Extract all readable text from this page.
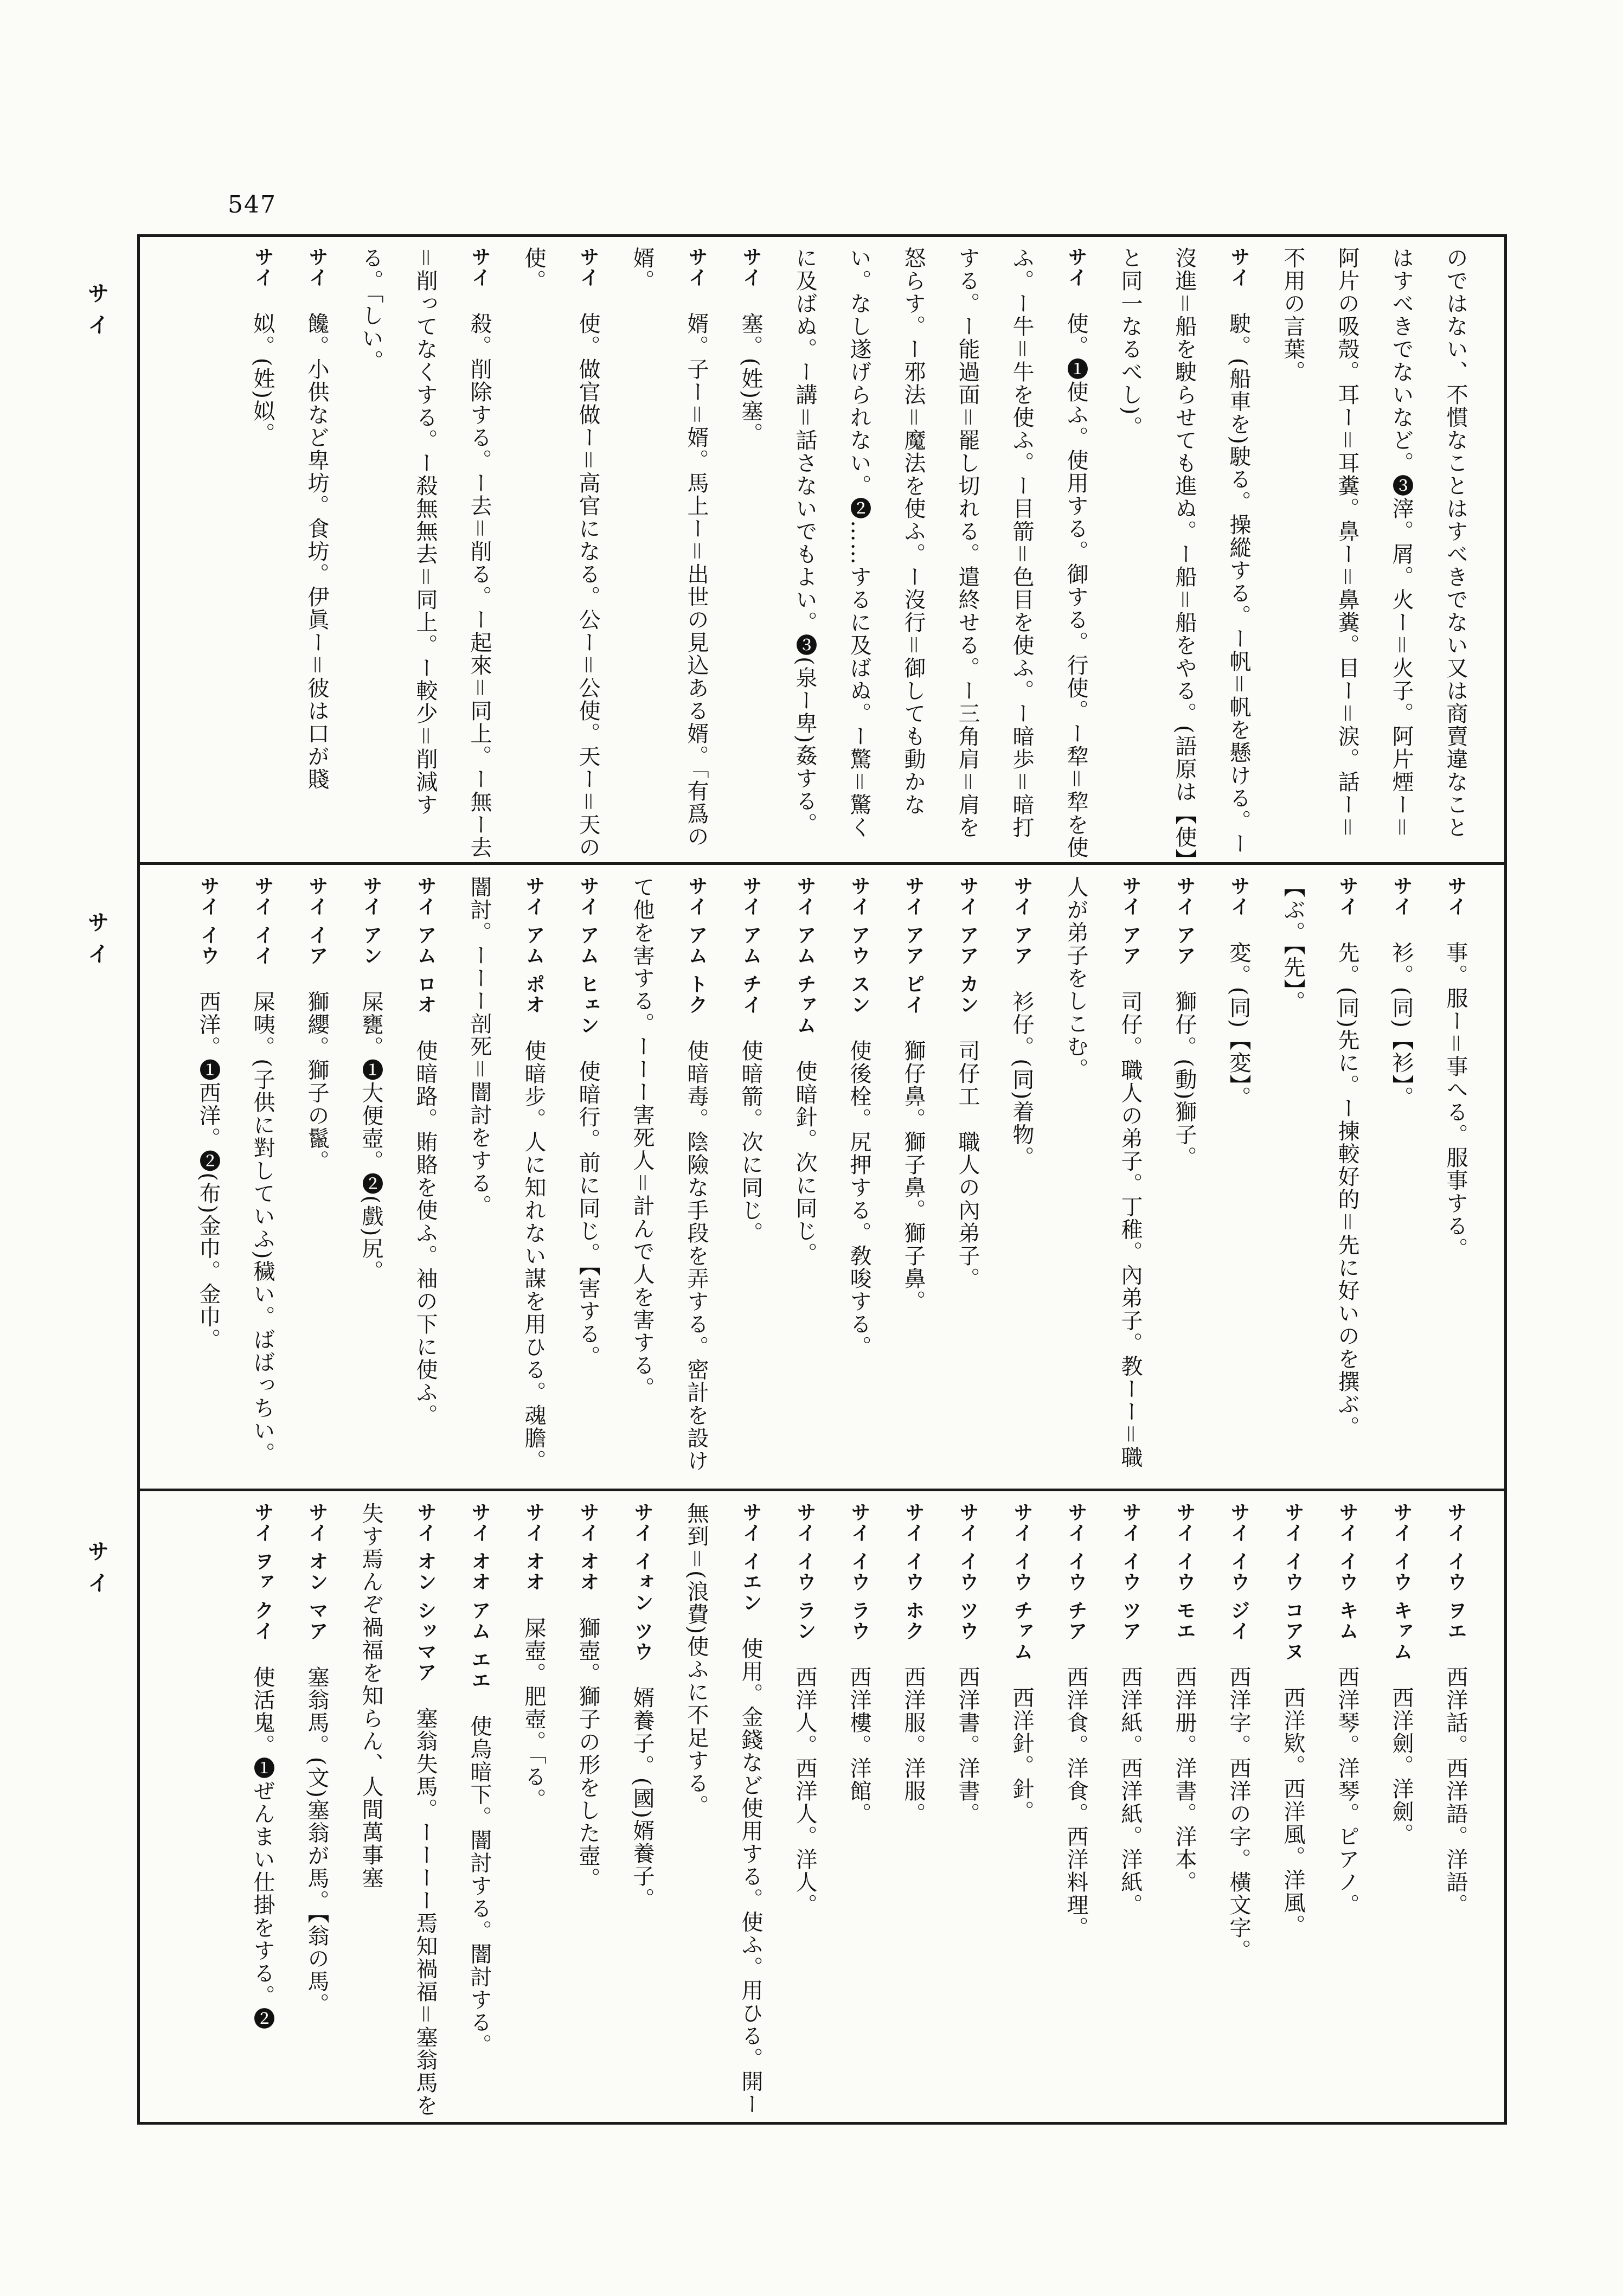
547
サイ
サイ
サイ
のではない、不慣なことはすべきでない又は商賣違なことはすべきでないなど。❸滓。屑。火ー＝火子。阿片煙ー＝阿片の吸殼。耳ー＝耳糞。鼻ー＝鼻糞。目ー＝涙。話ー＝不用の言葉。
サイ 駛。(船車を)駛る。操縱する。ー帆＝帆を懸ける。ー沒進＝船を駛らせても進ぬ。ー船＝船をやる。(語原は【使】と同一なるべし)。
サイ 使。❶使ふ。使用する。御する。行使。ー犂＝犂を使ふ。ー牛＝牛を使ふ。ー目箭＝色目を使ふ。ー暗歩＝暗打する。ー能過面＝罷し切れる。遣終せる。ー三角肩＝肩を怒らす。ー邪法＝魔法を使ふ。ー沒行＝御しても動かない。なし遂げられない。❷……するに及ばぬ。ー驚＝驚くに及ばぬ。ー講＝話さないでもよい。❸(泉ー卑)姦する。
サイ 塞。(姓)塞。
サイ 婿。子ー＝婿。馬上ー＝出世の見込ある婿。「有爲の婿。
サイ 使。做官做ー＝高官になる。公ー＝公使。天ー＝天の使。
サイ 殺。削除する。ー去＝削る。ー起來＝同上。ー無ー去＝削ってなくする。ー殺無無去＝同上。ー較少＝削減する。「しい。
サイ 饞。小供など卑坊。食坊。伊眞ー＝彼は口が賤
サイ 姒。(姓)姒。
サイ 事。服ー＝事へる。服事する。
サイ 衫。(同)【衫】。
サイ 先。(同)先に。ー揀較好的＝先に好いのを撰ぶ。【ぶ。【先】。
サイ 変。(同)【変】。
サイ アア 獅仔。(動)獅子。
サイ アア 司仔。職人の弟子。丁稚。內弟子。教ーー＝職人が弟子をしこむ。
サイ アア 衫仔。(同)着物。
サイ アア カン 司仔工　職人の內弟子。
サイ アア ピイ 獅仔鼻。獅子鼻。獅子鼻。
サイ アウ スン 使後栓。尻押する。敎唆する。
サイ アム チァム 使暗針。次に同じ。
サイ アム チイ 使暗箭。次に同じ。
サイ アム トク 使暗毒。陰險な手段を弄する。密計を設けて他を害する。ーーー害死人＝計んで人を害する。
サイ アム ヒェン 使暗行。前に同じ。【害する。
サイ アム ポオ 使暗步。人に知れない謀を用ひる。魂膽。闇討。ーーー剖死＝闇討をする。
サイ アム ロオ 使暗路。賄賂を使ふ。袖の下に使ふ。
サイ アン 屎甕。❶大便壺。❷(戲)尻。
サイ イア 獅纓。獅子の鬣。
サイ イイ 屎咦。(子供に對していふ)穢い。ばばっちい。
サイ イウ 西洋。❶西洋。❷(布)金巾。金巾。
サイ イウ ヲエ 西洋話。西洋語。洋語。
サイ イウ キァム 西洋劍。洋劍。
サイ イウ キム 西洋琴。洋琴。ピアノ。
サイ イウ コアヌ 西洋欵。西洋風。洋風。
サイ イウ ジイ 西洋字。西洋の字。橫文字。
サイ イウ モエ 西洋册。洋書。洋本。
サイ イウ ツア 西洋紙。西洋紙。洋紙。
サイ イウ チア 西洋食。洋食。西洋料理。
サイ イウ チァム 西洋針。針。
サイ イウ ツウ 西洋書。洋書。
サイ イウ ホク 西洋服。洋服。
サイ イウ ラウ 西洋樓。洋館。
サイ イウ ラン 西洋人。西洋人。洋人。
サイ イエン 使用。金錢など使用する。使ふ。用ひる。開ー無到＝(浪費)使ふに不足する。
サイ イォン ツウ 婿養子。(國)婿養子。
サイ オオ 獅壺。獅子の形をした壺。
サイ オオ 屎壺。肥壺。「る。
サイ オオ アム エエ 使烏暗下。闇討する。闇討する。
サイ オン シッマア 塞翁失馬。ーーーー焉知禍福＝塞翁馬を失す焉んぞ禍福を知らん、人間萬事塞
サイ オン マア 塞翁馬。(文)塞翁が馬。【翁の馬。
サイ ヲァ クイ 使活鬼。❶ぜんまい仕掛をする。❷
